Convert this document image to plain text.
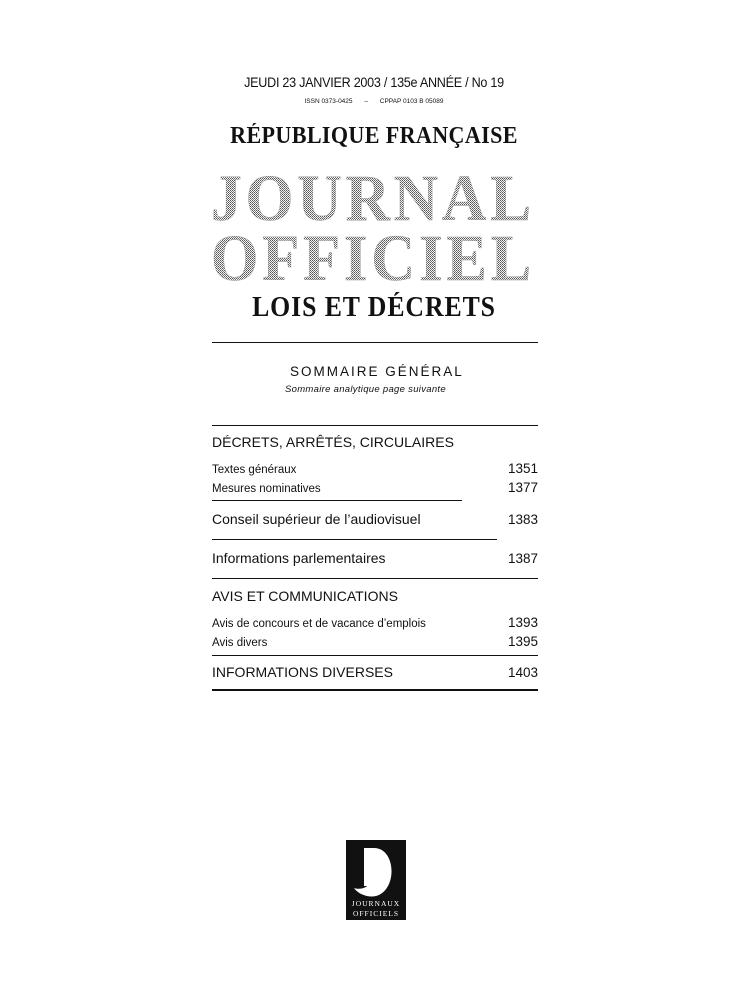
JEUDI 23 JANVIER 2003 / 135e ANNÉE / No 19
ISSN 0373-0425 – CPPAP 0103 B 05089
RÉPUBLIQUE FRANÇAISE
JOURNAL
OFFICIEL
LOIS ET DÉCRETS
SOMMAIRE GÉNÉRAL
Sommaire analytique page suivante
DÉCRETS, ARRÊTÉS, CIRCULAIRES
Textes généraux	1351
Mesures nominatives	1377
Conseil supérieur de l’audiovisuel	1383
Informations parlementaires	1387
AVIS ET COMMUNICATIONS
Avis de concours et de vacance d’emplois	1393
Avis divers	1395
INFORMATIONS DIVERSES	1403
JOURNAUX
OFFICIELS
